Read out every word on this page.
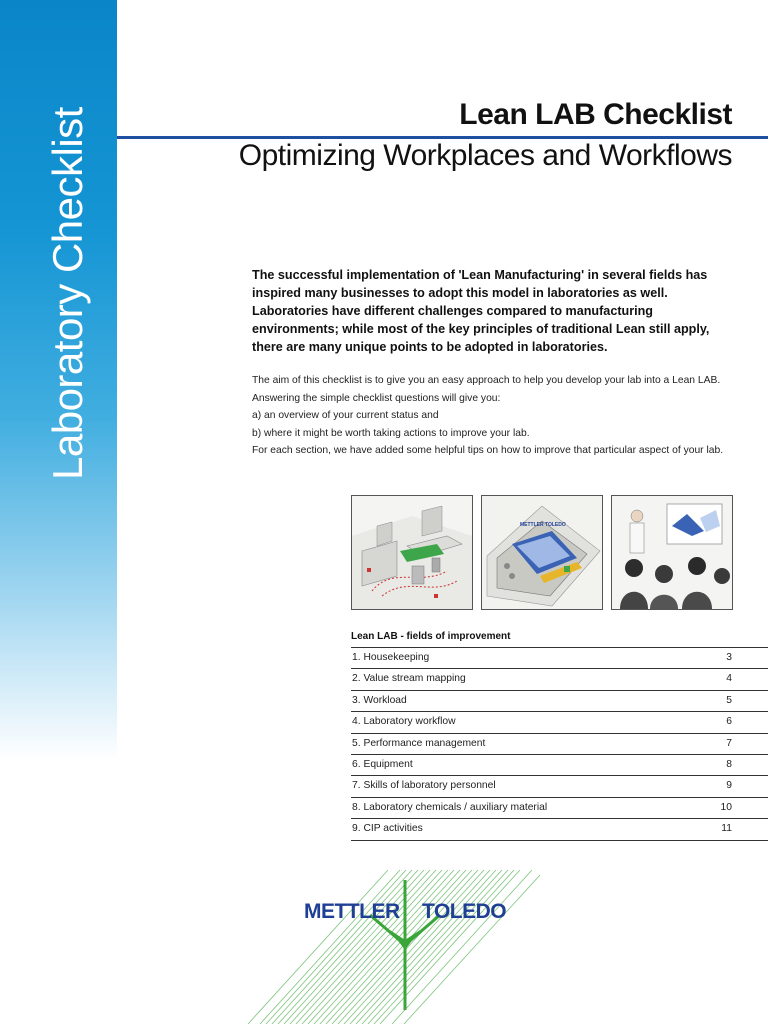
Laboratory Checklist	Lean LAB Checklist
Optimizing Workplaces and Workflows

The successful implementation of 'Lean Manufacturing' in several fields has inspired many businesses to adopt this model in laboratories as well. Laboratories have different challenges compared to manufacturing environments; while most of the key principles of traditional Lean still apply, there are many unique points to be adopted in laboratories.

The aim of this checklist is to give you an easy approach to help you develop your lab into a Lean LAB. Answering the simple checklist questions will give you:

a) an overview of your current status and

b) where it might be worth taking actions to improve your lab.

For each section, we have added some helpful tips on how to improve that particular aspect of your lab.

METTLER TOLEDO
Lean LAB - fields of improvement
1. Housekeeping	3
2. Value stream mapping	4
3. Workload	5
4. Laboratory workflow	6
5. Performance management	7
6. Equipment	8
7. Skills of laboratory personnel	9
8. Laboratory chemicals / auxiliary material	10
9. CIP activities	11
METTLER TOLEDO
